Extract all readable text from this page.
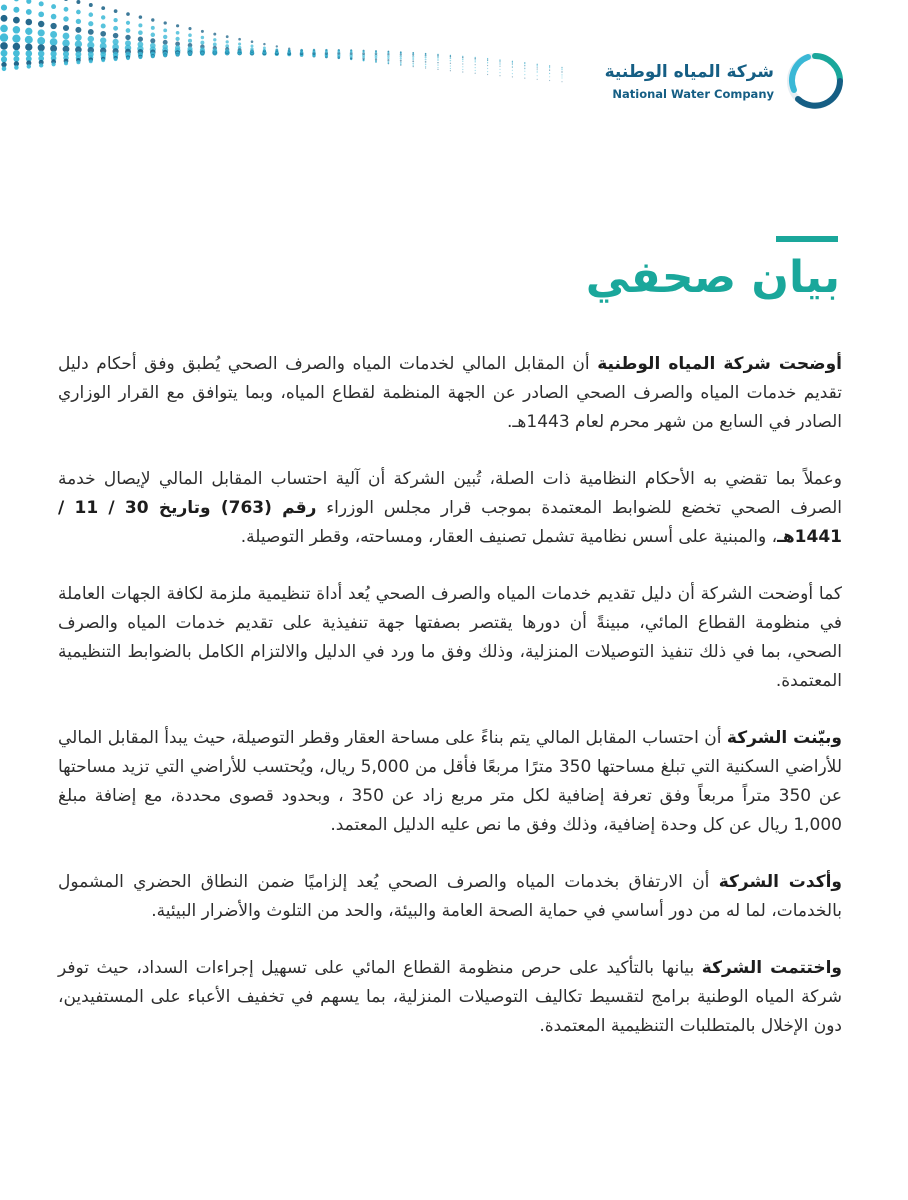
شركة المياه الوطنية
National Water Company
بيان صحفي

أوضحت شركة المياه الوطنية أن المقابل المالي لخدمات المياه والصرف الصحي يُطبق وفق أحكام دليل تقديم خدمات المياه والصرف الصحي الصادر عن الجهة المنظمة لقطاع المياه، وبما يتوافق مع القرار الوزاري الصادر في السابع من شهر محرم لعام 1443هـ.

وعملاً بما تقضي به الأحكام النظامية ذات الصلة، تُبين الشركة أن آلية احتساب المقابل المالي لإيصال خدمة الصرف الصحي تخضع للضوابط المعتمدة بموجب قرار مجلس الوزراء رقم (763) وتاريخ 30 / 11 / 1441هـ، والمبنية على أسس نظامية تشمل تصنيف العقار، ومساحته، وقطر التوصيلة.

كما أوضحت الشركة أن دليل تقديم خدمات المياه والصرف الصحي يُعد أداة تنظيمية ملزمة لكافة الجهات العاملة في منظومة القطاع المائي، مبينةً أن دورها يقتصر بصفتها جهة تنفيذية على تقديم خدمات المياه والصرف الصحي، بما في ذلك تنفيذ التوصيلات المنزلية، وذلك وفق ما ورد في الدليل والالتزام الكامل بالضوابط التنظيمية المعتمدة.

وبيّنت الشركة أن احتساب المقابل المالي يتم بناءً على مساحة العقار وقطر التوصيلة، حيث يبدأ المقابل المالي للأراضي السكنية التي تبلغ مساحتها 350 مترًا مربعًا فأقل من 5,000 ريال، ويُحتسب للأراضي التي تزيد مساحتها عن 350 متراً مربعاً وفق تعرفة إضافية لكل متر مربع زاد عن 350 ، وبحدود قصوى محددة، مع إضافة مبلغ 1,000 ريال عن كل وحدة إضافية، وذلك وفق ما نص عليه الدليل المعتمد.

وأكدت الشركة أن الارتفاق بخدمات المياه والصرف الصحي يُعد إلزاميًا ضمن النطاق الحضري المشمول بالخدمات، لما له من دور أساسي في حماية الصحة العامة والبيئة، والحد من التلوث والأضرار البيئية.

واختتمت الشركة بيانها بالتأكيد على حرص منظومة القطاع المائي على تسهيل إجراءات السداد، حيث توفر شركة المياه الوطنية برامج لتقسيط تكاليف التوصيلات المنزلية، بما يسهم في تخفيف الأعباء على المستفيدين، دون الإخلال بالمتطلبات التنظيمية المعتمدة.
